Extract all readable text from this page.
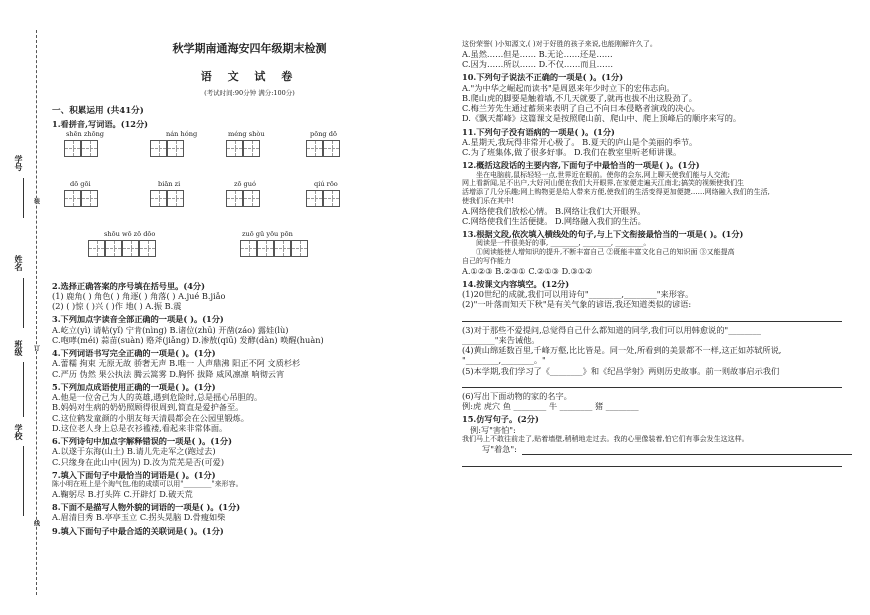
学号
姓名
班级
学校
装
订
线
秋学期南通海安四年级期末检测
语 文 试 卷
(考试时间:90分钟 满分:100分)
一、积累运用 (共41分)
1.看拼音,写词语。(12分)
shēn zhōng	nán hóng	méng shòu	pōng dō
dō gōi	biān zi	zō guó	qiú rōo
shōu wō zō dōo	zuō gū yōu pōn
2.选择正确答案的序号填在括号里。(4分)
(1) 鹿角( ) 角色( ) 角逐( ) 角落( ) A.jué B.jiǎo
(2) ( )惊 ( )兴 ( )作 地( ) A.振 B.震
3.下列加点字读音全部正确的一项是( )。(1分)
A.屹立(yì) 请帖(yǐ) 宁肯(nìng) B.诸位(zhū) 开凿(záo) 露娃(lù)
C.咆哮(méi) 蒜苗(suàn) 赂斧(jiǎng) D.渗敖(qiū) 发酵(dàn) 唤醒(huàn)
4.下列词语书写完全正确的一项是( )。(1分)
A.蕾糯 拘束 无原无故 骄奢无声 B.唯一 人声鼎沸 阳正不阿 文质杉杉
C.严历 伪然 果公执法 腾云篙雾 D.胸怀 拔降 威风凛凛 响彻云宵
5.下列加点成语使用正确的一项是( )。(1分)
A.他是一位舍己为人的英雄,遇到危险时,总是摇心吊胆的。
B.妈妈对生病的奶奶照顾得很周到,简直是爱护备至。
C.这位鹤发童颜的小朋友每天清晨都会在公园里锻炼。
D.这位老人身上总是衣衫褴褛,看起来非常体面。
6.下列诗句中加点字解释错误的一项是( )。(1分)
A.以遂于东海(山土) B.请儿先走军之(跑过去)
C.只缘身在此山中(因为) D.汝为荒芜是否(可爱)
7.填入下面句子中最恰当的词语是( )。(1分)
陈小明在班上是个淘气包,他的成绩可以用"________"来形容。
A.鞠躬尽 B.打头阵 C.开辟灯 D.破天荒
8.下面不是描写人物外貌的词语的一项是( )。(1分)
A.眉清目秀 B.亭亭玉立 C.拐头晃脑 D.骨瘦如柴
9.填入下面句子中最合适的关联词是( )。(1分)
这份荣誉( )小知源文,( )对于好胜的孩子来说,也能刚解许久了。
A.虽然……但是…… B.无论……还是……
C.因为……所以…… D.不仅……而且……
10.下列句子说法不正确的一项是( )。(1分)
A."为中华之崛起而读书"是周恩来年少时立下的宏伟志向。
B.爬山虎的脚要是触着墙,不几天就要了,就再也拔不出这股劲了。
C.梅兰芳先生通过蓄须来表明了自己不向日本侵略者演戏的决心。
D.《飘天都峰》这篇课文是按照爬山前、爬山中、爬上顶峰后的顺序来写的。
11.下列句子没有语病的一项是( )。(1分)
A.星期天,我玩得非常开心极了。 B.夏天的庐山是个美丽的季节。
C.为了班集体,做了很多好事。 D.我们在教室里听老师讲课。
12.概括这段话的主要内容,下面句子中最恰当的一项是( )。(1分)
坐在电脑前,鼠标轻轻一点,世界近在眼前。使你的会东,网上聊天使我们能与人交流;
网上看新闻,足不出户,大好河山便在我们大开眼界,在家便走遍天江南北;搞笑的视频使我们生
活增添了几分乐趣;网上购物更是给人带来方便,使我们的生活变得更加便捷……网络融入我们的生活,
使我们乐在其中!
A.网络使我们放松心情。 B.网络让我们大开眼界。
C.网络使我们生活便捷。 D.网络融入我们的生活。
13.根据文段,依次填入横线处的句子,与上下文衔接最恰当的一项是( )。(1分)
阅读是一件很美好的事, ________, ________, ________。
①阅读能使人增知识的提升,不断丰富自己 ②既能丰富文化自己的知识面 ③又能提高
自己的写作能力
A.①②③ B.②③① C.②①③ D.③①②
14.按课文内容填空。(12分)
(1)20世纪的成就,我们可以用诗句"________,________"来形容。
(2)"一叶落而知天下秋"是有关气象的谚语,我还知道类似的谚语:
(3)对于那些不爱提问,总觉得自己什么都知道的同学,我们可以用韩愈说的"________
________"来告诫他。
(4)黄山绵延数百里,千峰万壑,比比皆是。同一处,所看到的美景都不一样,这正如苏轼所说,
"________,________。"
(5)本学期,我们学习了《________》和《纪昌学射》两则历史故事。前一则故事启示我们
(6)写出下面动物的家的名字。
例:虎 虎穴 鱼 ________ 牛 ________ 猪 ________
15.仿写句子。(2分)
例:写"害怕":
我们马上不敢往前走了,贴着墙壁,稍稍地走过去。我的心里像装着,怕它们有事会发生这这样。
写"着急":
